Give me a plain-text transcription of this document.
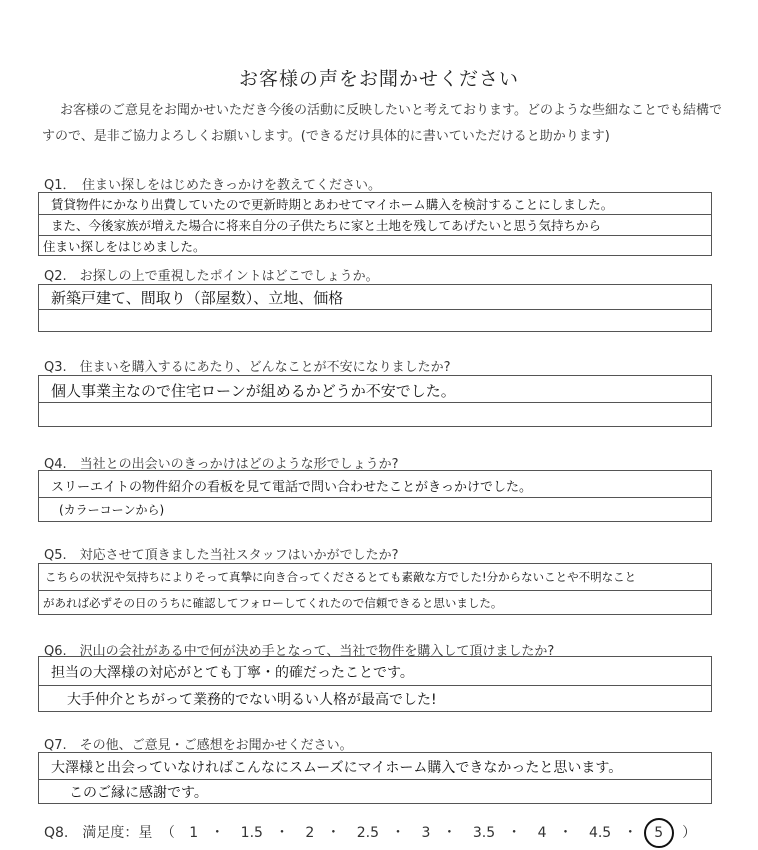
お客様の声をお聞かせください
お客様のご意見をお聞かせいただき今後の活動に反映したいと考えております。どのような些細なことでも結構ですので、是非ご協力よろしくお願いします。(できるだけ具体的に書いていただけると助かります)
Q1．　住まい探しをはじめたきっかけを教えてください。
賃貸物件にかなり出費していたので更新時期とあわせてマイホーム購入を検討することにしました。
また、今後家族が増えた場合に将来自分の子供たちに家と土地を残してあげたいと思う気持ちから
住まい探しをはじめました。
Q2.　お探しの上で重視したポイントはどこでしょうか。
新築戸建て、間取り（部屋数）、立地、価格
Q3.　住まいを購入するにあたり、どんなことが不安になりましたか?
個人事業主なので住宅ローンが組めるかどうか不安でした。
Q4.　当社との出会いのきっかけはどのような形でしょうか?
スリーエイトの物件紹介の看板を見て電話で問い合わせたことがきっかけでした。
(カラーコーンから)
Q5.　対応させて頂きました当社スタッフはいかがでしたか?
こちらの状況や気持ちによりそって真摯に向き合ってくださるとても素敵な方でした!分からないことや不明なこと
があれば必ずその日のうちに確認してフォローしてくれたので信頼できると思いました。
Q6.　沢山の会社がある中で何が決め手となって、当社で物件を購入して頂けましたか?
担当の大澤様の対応がとても丁寧・的確だったことです。
大手仲介とちがって業務的でない明るい人格が最高でした!
Q7.　その他、ご意見・ご感想をお聞かせください。
大澤様と出会っていなければこんなにスムーズにマイホーム購入できなかったと思います。
このご縁に感謝です。
Q8.　満足度：星 （ 1 ・ 1.5 ・ 2 ・ 2.5 ・ 3 ・ 3.5 ・ 4 ・ 4.5 ・ 5 ）
